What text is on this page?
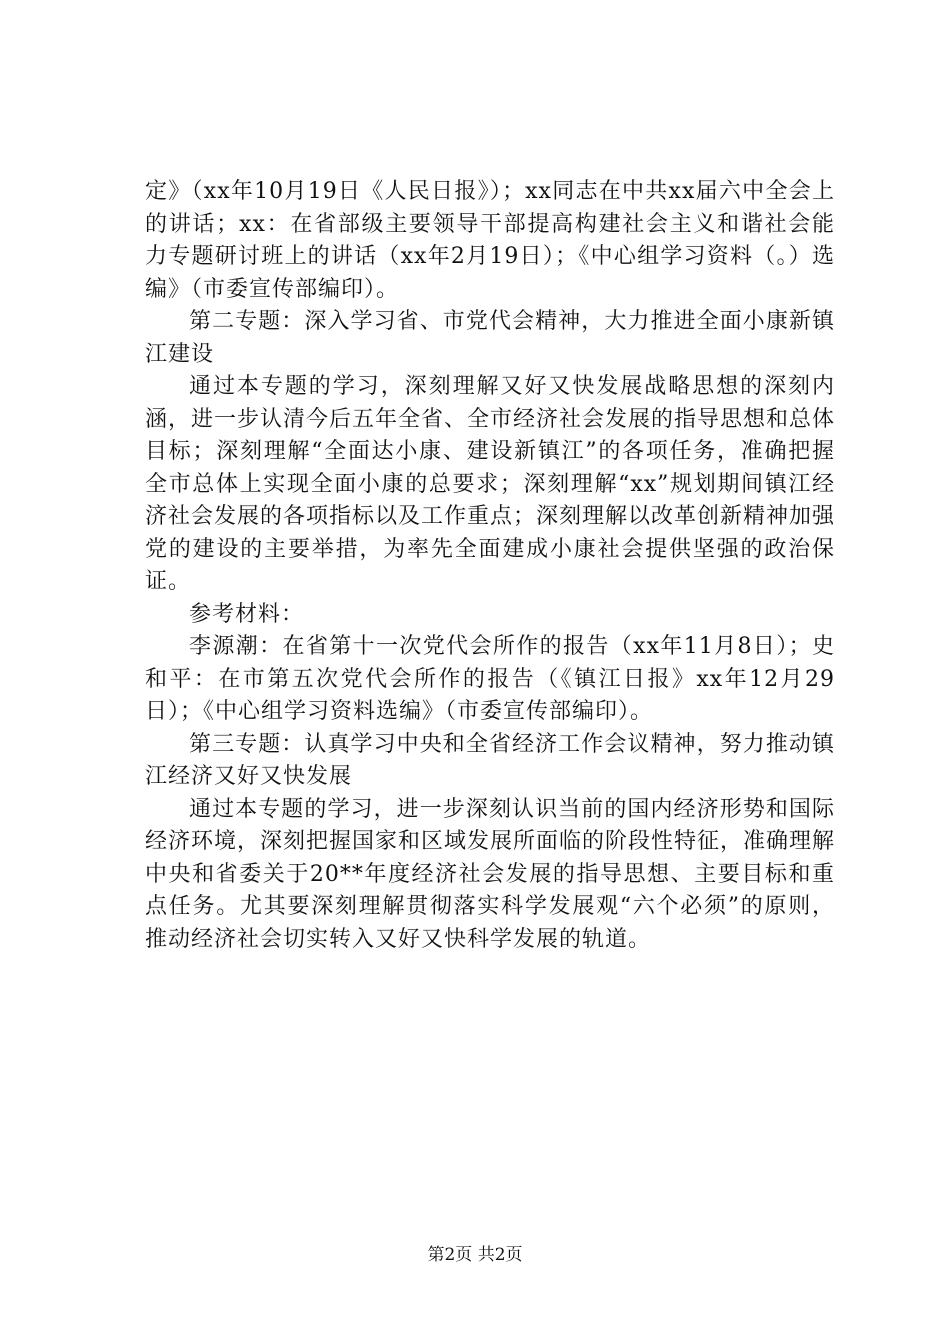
定》（xx年10月19日《人民日报》）；xx同志在中共xx届六中全会上的讲话；xx：在省部级主要领导干部提高构建社会主义和谐社会能力专题研讨班上的讲话（xx年2月19日）；《中心组学习资料（。）选编》（市委宣传部编印）。

第二专题：深入学习省、市党代会精神，大力推进全面小康新镇江建设

通过本专题的学习，深刻理解又好又快发展战略思想的深刻内涵，进一步认清今后五年全省、全市经济社会发展的指导思想和总体目标；深刻理解“全面达小康、建设新镇江”的各项任务，准确把握全市总体上实现全面小康的总要求；深刻理解“xx”规划期间镇江经济社会发展的各项指标以及工作重点；深刻理解以改革创新精神加强党的建设的主要举措，为率先全面建成小康社会提供坚强的政治保证。

参考材料：

李源潮：在省第十一次党代会所作的报告（xx年11月8日）；史和平：在市第五次党代会所作的报告（《镇江日报》xx年12月29日）；《中心组学习资料选编》（市委宣传部编印）。

第三专题：认真学习中央和全省经济工作会议精神，努力推动镇江经济又好又快发展

通过本专题的学习，进一步深刻认识当前的国内经济形势和国际经济环境，深刻把握国家和区域发展所面临的阶段性特征，准确理解中央和省委关于20**年度经济社会发展的指导思想、主要目标和重点任务。尤其要深刻理解贯彻落实科学发展观“六个必须”的原则，推动经济社会切实转入又好又快科学发展的轨道。

第2页 共2页
